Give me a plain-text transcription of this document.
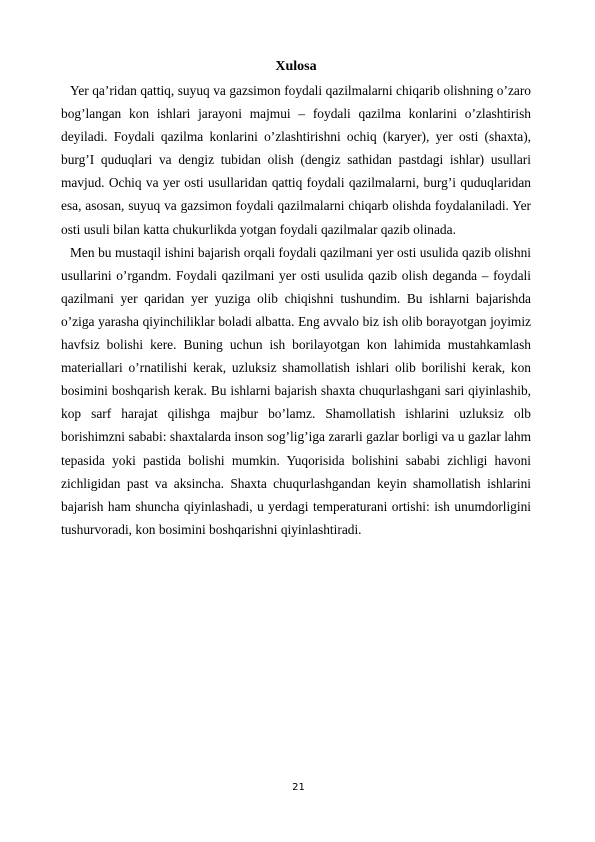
Xulosa

Yer qa’ridan qattiq, suyuq va gazsimon foydali qazilmalarni chiqarib olishning o’zaro bog’langan kon ishlari jarayoni majmui – foydali qazilma konlarini o’zlashtirish deyiladi. Foydali qazilma konlarini o’zlashtirishni ochiq (karyer), yer osti (shaxta), burg’I quduqlari va dengiz tubidan olish (dengiz sathidan pastdagi ishlar) usullari mavjud. Ochiq va yer osti usullaridan qattiq foydali qazilmalarni, burg’i quduqlaridan esa, asosan, suyuq va gazsimon foydali qazilmalarni chiqarb olishda foydalaniladi. Yer osti usuli bilan katta chukurlikda yotgan foydali qazilmalar qazib olinada.

Men bu mustaqil ishini bajarish orqali foydali qazilmani yer osti usulida qazib olishni usullarini o’rgandm. Foydali qazilmani yer osti usulida qazib olish deganda – foydali qazilmani yer qaridan yer yuziga olib chiqishni tushundim. Bu ishlarni bajarishda o’ziga yarasha qiyinchiliklar boladi albatta. Eng avvalo biz ish olib borayotgan joyimiz havfsiz bolishi kere. Buning uchun ish borilayotgan kon lahimida mustahkamlash materiallari o’rnatilishi kerak, uzluksiz shamollatish ishlari olib borilishi kerak, kon bosimini boshqarish kerak. Bu ishlarni bajarish shaxta chuqurlashgani sari qiyinlashib, kop sarf harajat qilishga majbur bo’lamz. Shamollatish ishlarini uzluksiz olb borishimzni sababi: shaxtalarda inson sog’lig’iga zararli gazlar borligi va u gazlar lahm tepasida yoki pastida bolishi mumkin. Yuqorisida bolishini sababi zichligi havoni zichligidan past va aksincha. Shaxta chuqurlashgandan keyin shamollatish ishlarini bajarish ham shuncha qiyinlashadi, u yerdagi temperaturani ortishi: ish unumdorligini tushurvoradi, kon bosimini boshqarishni qiyinlashtiradi.

21
